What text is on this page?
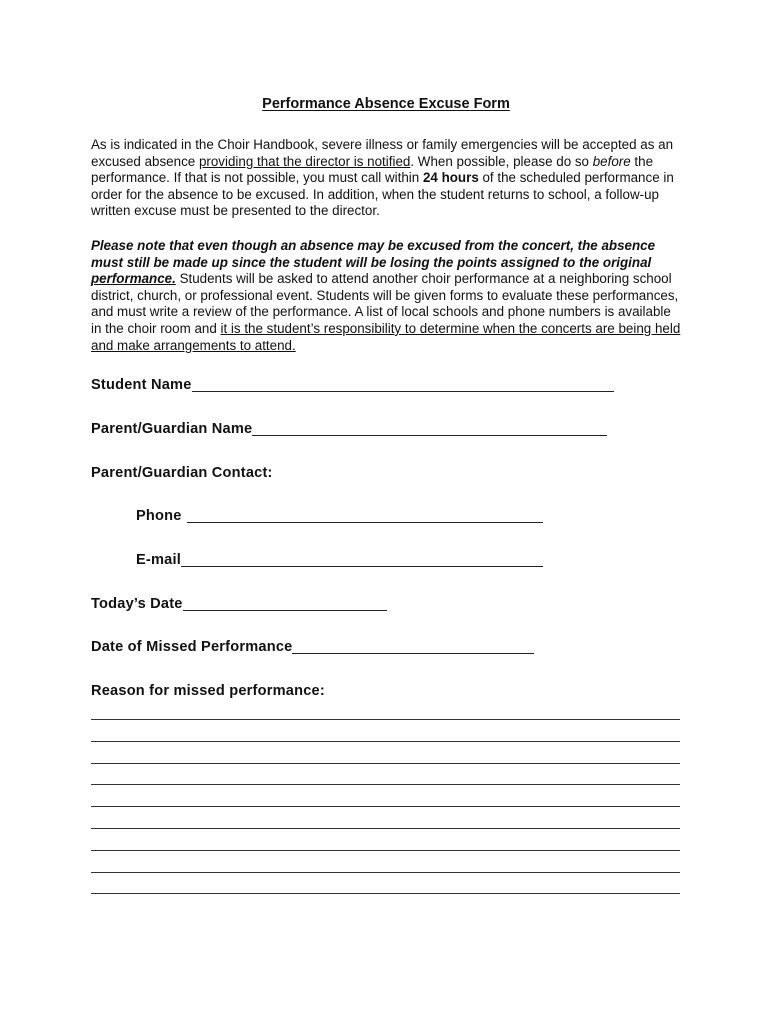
Performance Absence Excuse Form
As is indicated in the Choir Handbook, severe illness or family emergencies will be accepted as an excused absence providing that the director is notified. When possible, please do so before the performance. If that is not possible, you must call within 24 hours of the scheduled performance in order for the absence to be excused. In addition, when the student returns to school, a follow-up written excuse must be presented to the director.
Please note that even though an absence may be excused from the concert, the absence must still be made up since the student will be losing the points assigned to the original performance. Students will be asked to attend another choir performance at a neighboring school district, church, or professional event. Students will be given forms to evaluate these performances, and must write a review of the performance. A list of local schools and phone numbers is available in the choir room and it is the student’s responsibility to determine when the concerts are being held and make arrangements to attend.
Student Name
Parent/Guardian Name
Parent/Guardian Contact:
Phone
E-mail
Today’s Date
Date of Missed Performance
Reason for missed performance:
